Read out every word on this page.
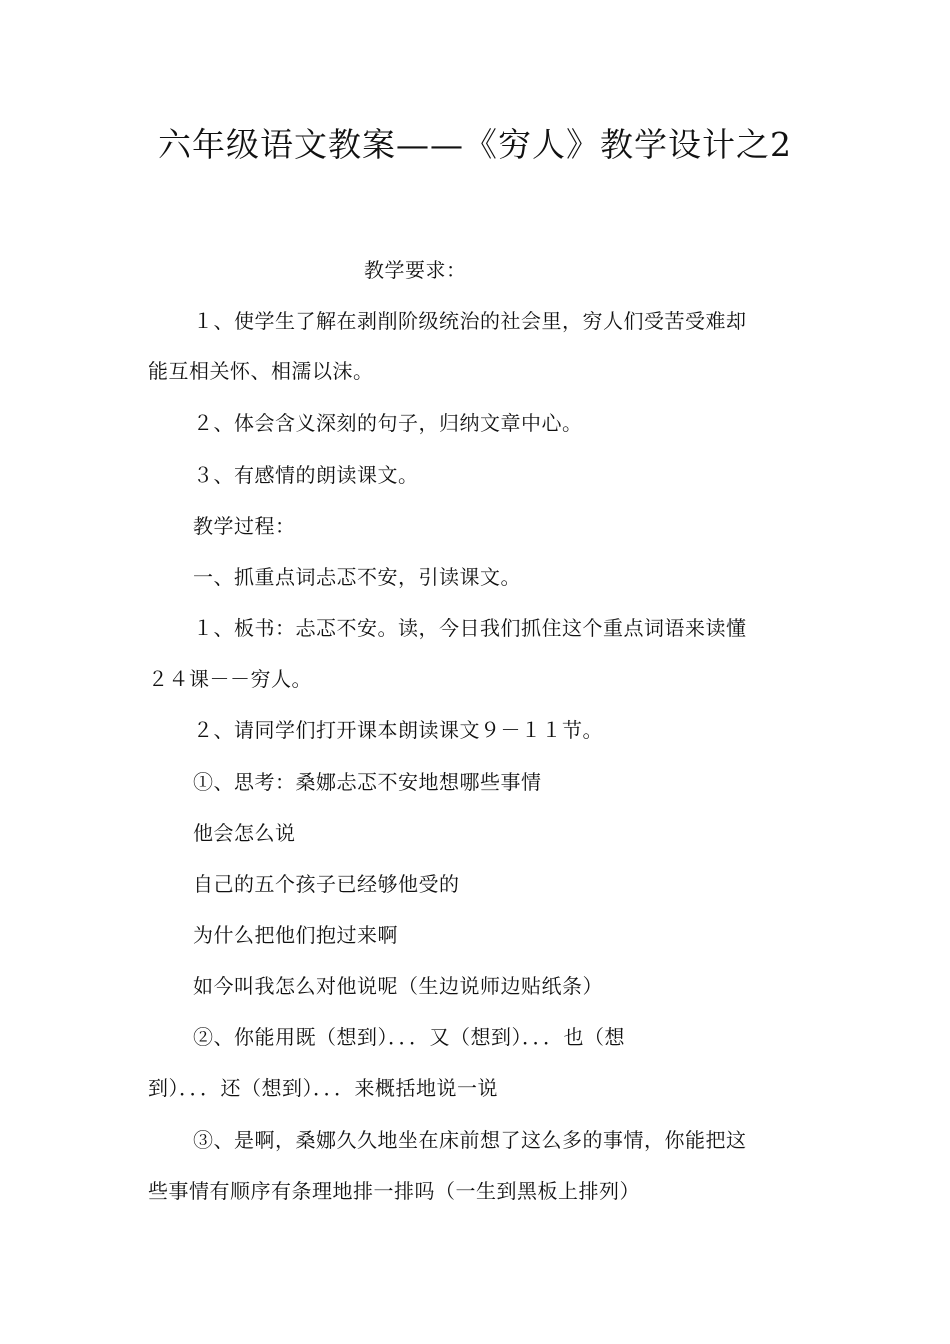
六年级语文教案——《穷人》教学设计之2
教学要求：
１、使学生了解在剥削阶级统治的社会里，穷人们受苦受难却
能互相关怀、相濡以沫。
２、体会含义深刻的句子，归纳文章中心。
３、有感情的朗读课文。
教学过程：
一、抓重点词忐忑不安，引读课文。
１、板书：忐忑不安。读，今日我们抓住这个重点词语来读懂
２４课－－穷人。
２、请同学们打开课本朗读课文９－１１节。
①、思考：桑娜忐忑不安地想哪些事情
他会怎么说
自己的五个孩子已经够他受的
为什么把他们抱过来啊
如今叫我怎么对他说呢（生边说师边贴纸条）
②、你能用既（想到）．．．又（想到）．．．也（想
到）．．．还（想到）．．．来概括地说一说
③、是啊，桑娜久久地坐在床前想了这么多的事情，你能把这
些事情有顺序有条理地排一排吗（一生到黑板上排列）
